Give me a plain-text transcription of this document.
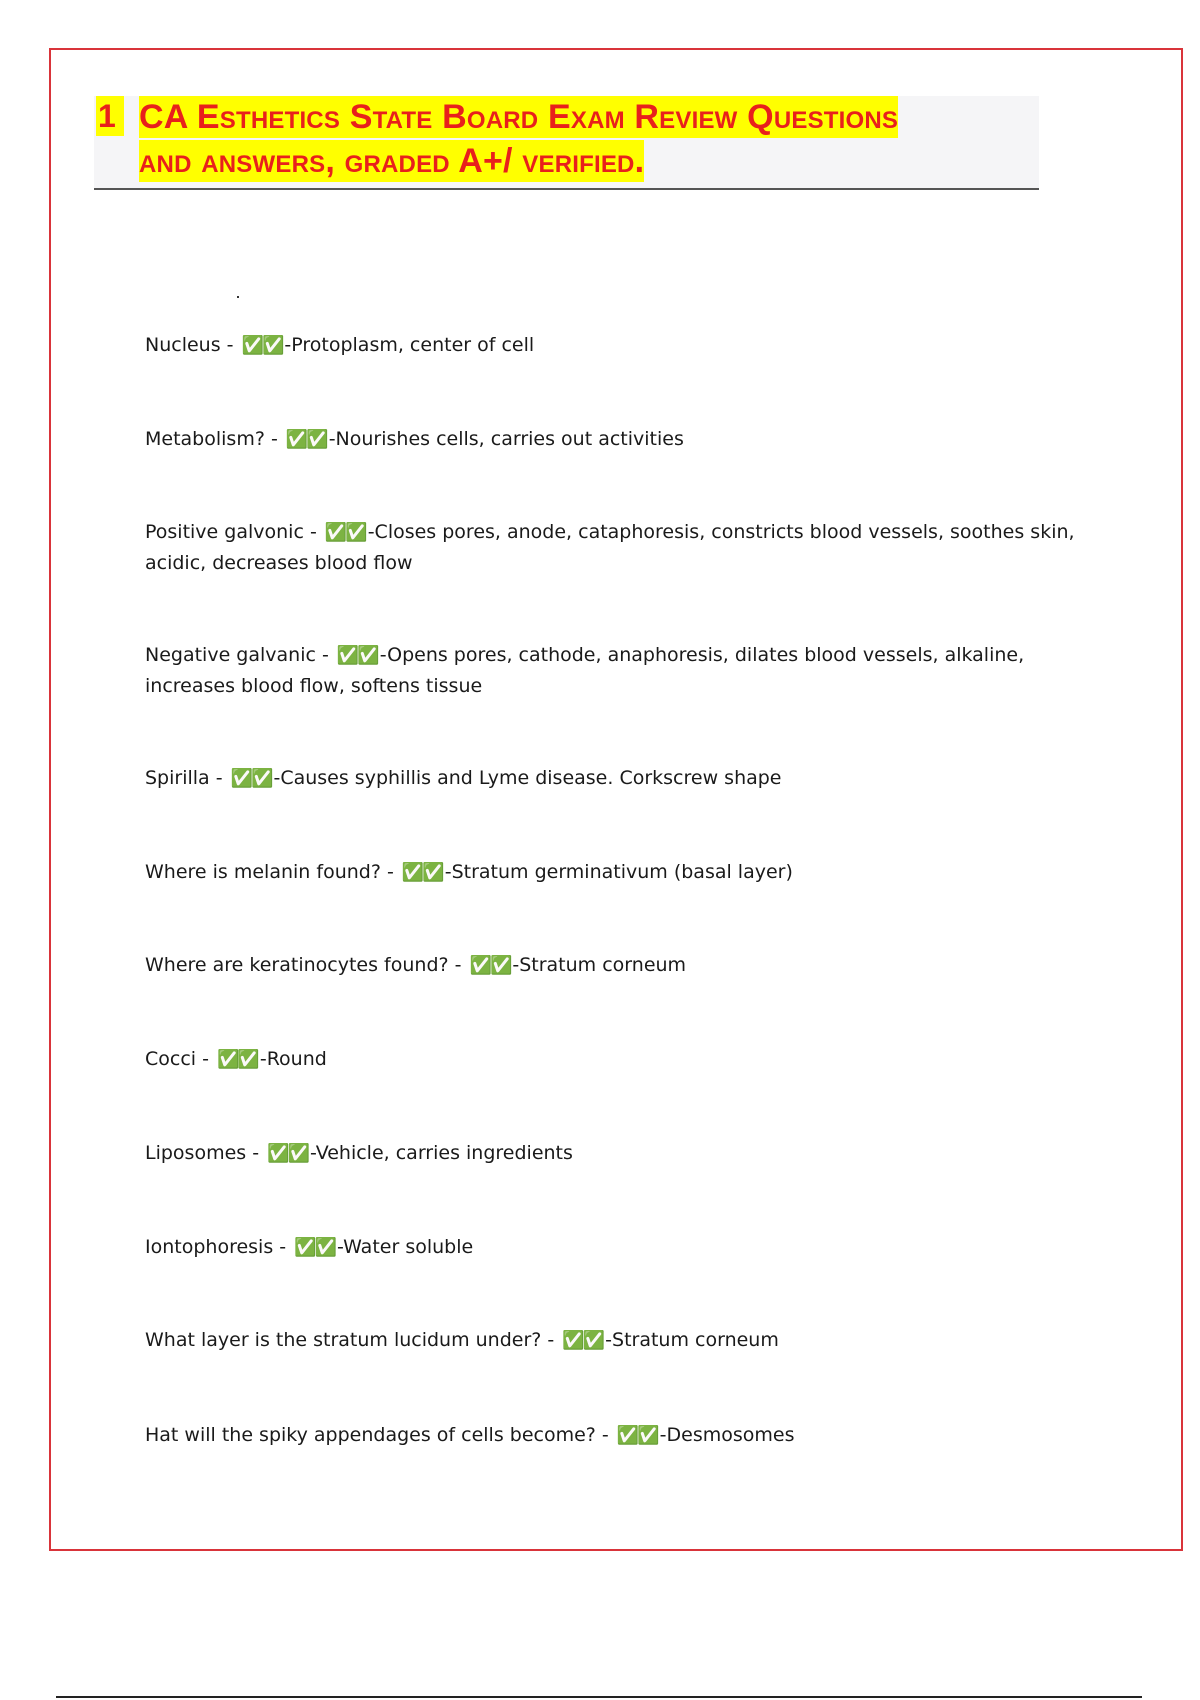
1 CA Esthetics State Board Exam Review Questions
and answers, graded A+/ verified.
Nucleus - ✅✅ -Protoplasm, center of cell
Metabolism? - ✅✅ -Nourishes cells, carries out activities
Positive galvonic - ✅✅ -Closes pores, anode, cataphoresis, constricts blood vessels, soothes skin, acidic, decreases blood flow
Negative galvanic - ✅✅ -Opens pores, cathode, anaphoresis, dilates blood vessels, alkaline, increases blood flow, softens tissue
Spirilla - ✅✅ -Causes syphillis and Lyme disease. Corkscrew shape
Where is melanin found? - ✅✅ -Stratum germinativum (basal layer)
Where are keratinocytes found? - ✅✅ -Stratum corneum
Cocci - ✅✅ -Round
Liposomes - ✅✅ -Vehicle, carries ingredients
Iontophoresis - ✅✅ -Water soluble
What layer is the stratum lucidum under? - ✅✅ -Stratum corneum
Hat will the spiky appendages of cells become? - ✅✅ -Desmosomes
